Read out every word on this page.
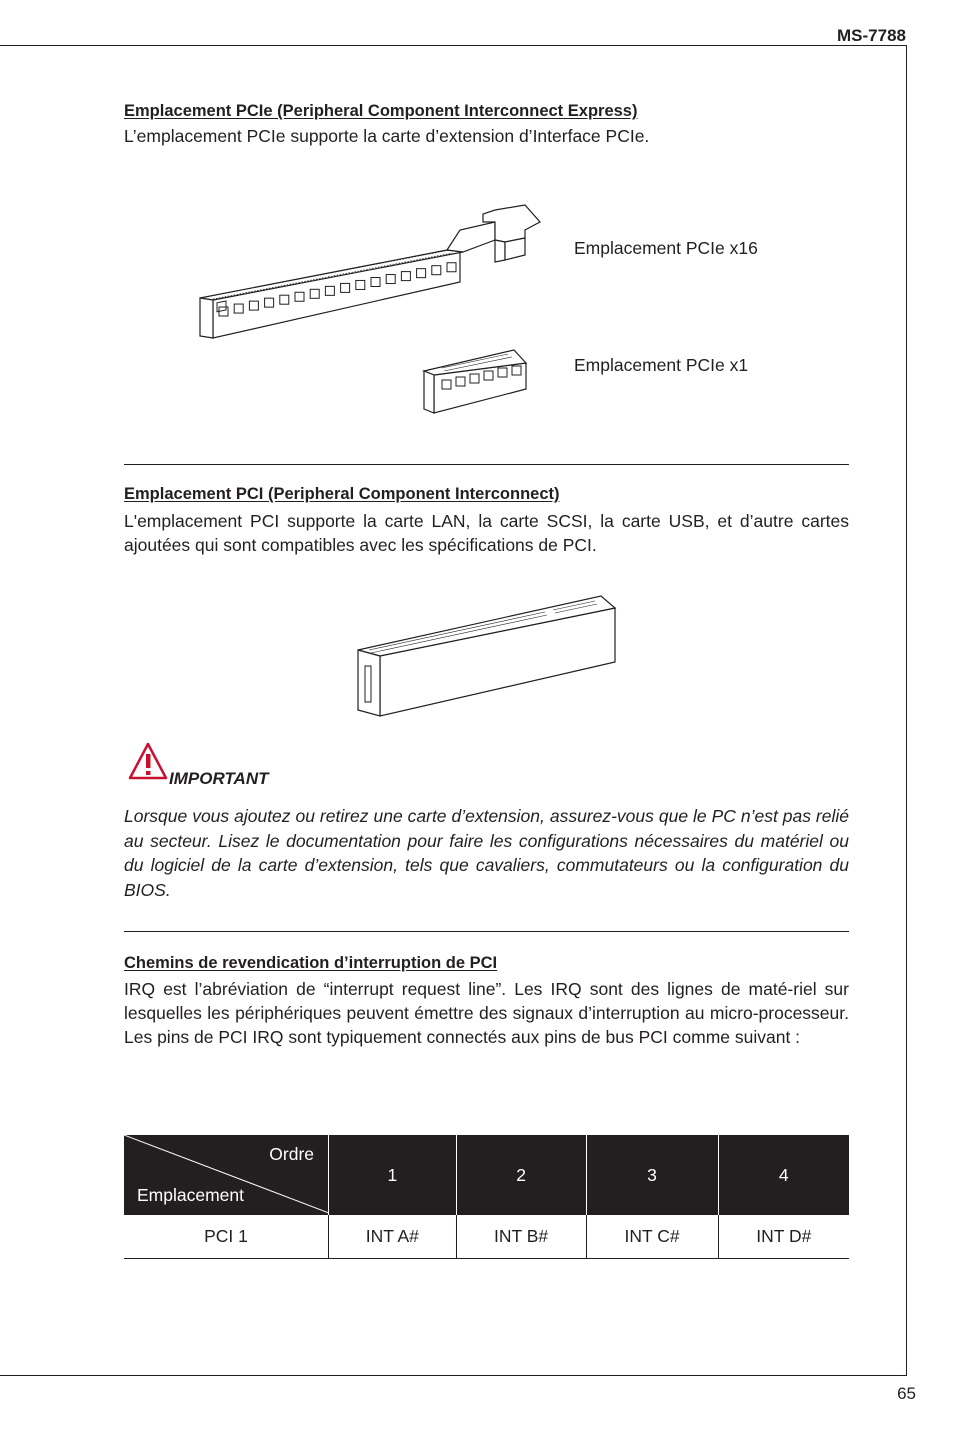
MS-7788
65
Emplacement PCIe (Peripheral Component Interconnect Express)
L’emplacement PCIe supporte la carte d’extension d’Interface PCIe.
Emplacement PCIe x16
Emplacement PCIe x1
Emplacement PCI (Peripheral Component Interconnect)
L'emplacement PCI supporte la carte LAN, la carte SCSI, la carte USB, et d’autre cartes ajoutées qui sont compatibles avec les spécifications de PCI.
IMPORTANT
Lorsque vous ajoutez ou retirez une carte d’extension, assurez-vous que le PC n’est pas relié au secteur. Lisez le documentation pour faire les configurations nécessaires du matériel ou du logiciel de la carte d’extension, tels que cavaliers, commutateurs ou la configuration du BIOS.
Chemins de revendication d’interruption de PCI
IRQ est l’abréviation de “interrupt request line”. Les IRQ sont des lignes de maté-riel sur lesquelles les périphériques peuvent émettre des signaux d’interruption au micro-processeur. Les pins de PCI IRQ sont typiquement connectés aux pins de bus PCI comme suivant :
Ordre
Emplacement	1	2	3	4
PCI 1	INT A#	INT B#	INT C#	INT D#
